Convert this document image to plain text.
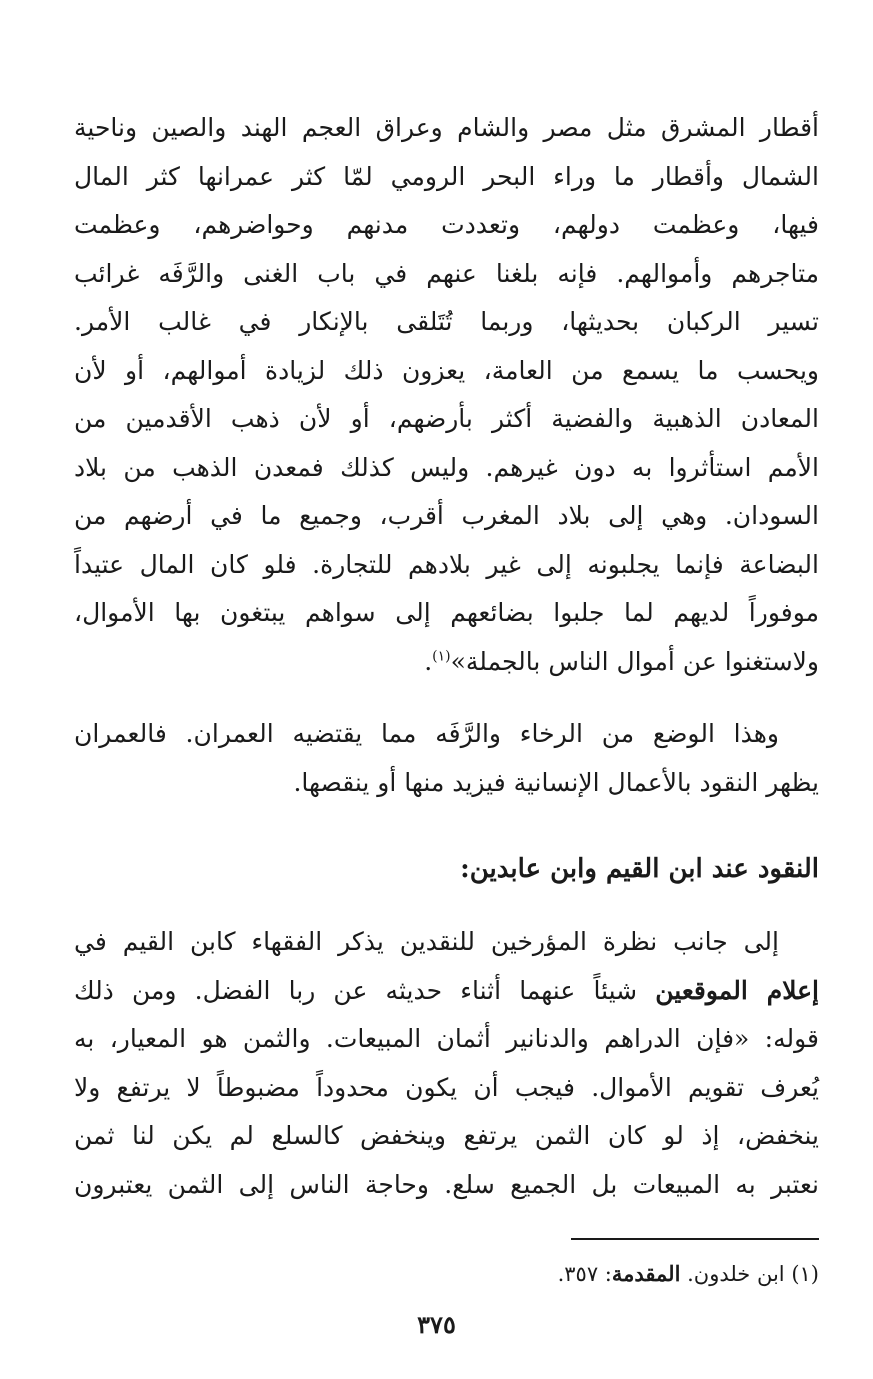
أقطار المشرق مثل مصر والشام وعراق العجم الهند والصين وناحية
الشمال وأقطار ما وراء البحر الرومي لمّا كثر عمرانها كثر المال
فيها، وعظمت دولهم، وتعددت مدنهم وحواضرهم، وعظمت
متاجرهم وأموالهم. فإنه بلغنا عنهم في باب الغنى والرَّفَه غرائب
تسير الركبان بحديثها، وربما تُتَلقى بالإنكار في غالب الأمر.
ويحسب ما يسمع من العامة، يعزون ذلك لزيادة أموالهم، أو لأن
المعادن الذهبية والفضية أكثر بأرضهم، أو لأن ذهب الأقدمين من
الأمم استأثروا به دون غيرهم. وليس كذلك فمعدن الذهب من بلاد
السودان. وهي إلى بلاد المغرب أقرب، وجميع ما في أرضهم من
البضاعة فإنما يجلبونه إلى غير بلادهم للتجارة. فلو كان المال عتيداً
موفوراً لديهم لما جلبوا بضائعهم إلى سواهم يبتغون بها الأموال،
ولاستغنوا عن أموال الناس بالجملة»$^{(١)}$.
وهذا الوضع من الرخاء والرَّفَه مما يقتضيه العمران. فالعمران
يظهر النقود بالأعمال الإنسانية فيزيد منها أو ينقصها.
النقود عند ابن القيم وابن عابدين:
إلى جانب نظرة المؤرخين للنقدين يذكر الفقهاء كابن القيم في
إعلام الموقعين شيئاً عنهما أثناء حديثه عن ربا الفضل. ومن ذلك
قوله: «فإن الدراهم والدنانير أثمان المبيعات. والثمن هو المعيار، به
يُعرف تقويم الأموال. فيجب أن يكون محدوداً مضبوطاً لا يرتفع ولا
ينخفض، إذ لو كان الثمن يرتفع وينخفض كالسلع لم يكن لنا ثمن
نعتبر به المبيعات بل الجميع سلع. وحاجة الناس إلى الثمن يعتبرون
(١) ابن خلدون. المقدمة: ٣٥٧.
٣٧٥
